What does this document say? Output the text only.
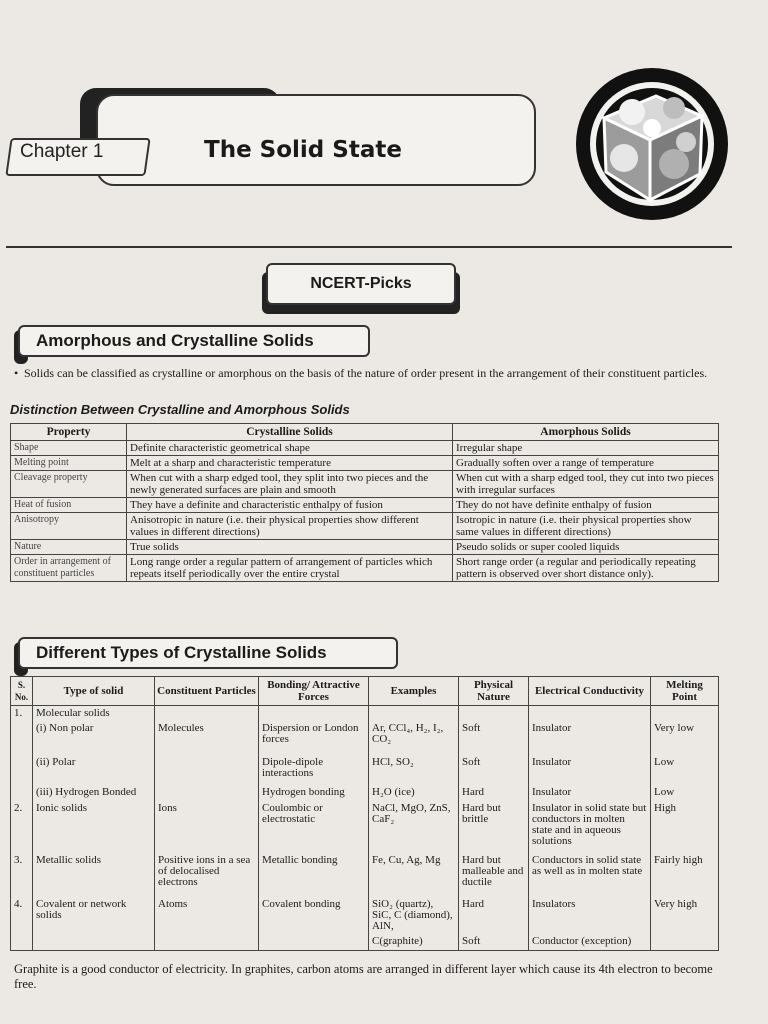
Chapter 1	The Solid State
NCERT-Picks
Amorphous and Crystalline Solids
• Solids can be classified as crystalline or amorphous on the basis of the nature of order present in the arrangement of their constituent particles.
Distinction Between Crystalline and Amorphous Solids
Property	Crystalline Solids	Amorphous Solids
Shape	Definite characteristic geometrical shape	Irregular shape
Melting point	Melt at a sharp and characteristic temperature	Gradually soften over a range of temperature
Cleavage property	When cut with a sharp edged tool, they split into two pieces and the newly generated surfaces are plain and smooth	When cut with a sharp edged tool, they cut into two pieces with irregular surfaces
Heat of fusion	They have a definite and characteristic enthalpy of fusion	They do not have definite enthalpy of fusion
Anisotropy	Anisotropic in nature (i.e. their physical properties show different values in different directions)	Isotropic in nature (i.e. their physical properties show same values in different directions)
Nature	True solids	Pseudo solids or super cooled liquids
Order in arrangement of constituent particles	Long range order a regular pattern of arrangement of particles which repeats itself periodically over the entire crystal	Short range order (a regular and periodically repeating pattern is observed over short distance only).
Different Types of Crystalline Solids
S. No.	Type of solid	Constituent Particles	Bonding/ Attractive Forces	Examples	Physical Nature	Electrical Conductivity	Melting Point
1.	Molecular solids						
	(i) Non polar	Molecules	Dispersion or London forces	Ar, CCl₄, H₂, I₂, CO₂	Soft	Insulator	Very low
	(ii) Polar		Dipole-dipole interactions	HCl, SO₂	Soft	Insulator	Low
	(iii) Hydrogen Bonded		Hydrogen bonding	H₂O (ice)	Hard	Insulator	Low
2.	Ionic solids	Ions	Coulombic or electrostatic	NaCl, MgO, ZnS, CaF₂	Hard but brittle	Insulator in solid state but conductors in molten state and in aqueous solutions	High
3.	Metallic solids	Positive ions in a sea of delocalised electrons	Metallic bonding	Fe, Cu, Ag, Mg	Hard but malleable and ductile	Conductors in solid state as well as in molten state	Fairly high
4.	Covalent or network solids	Atoms	Covalent bonding	SiO₂ (quartz), SiC, C (diamond), AlN,	Hard	Insulators	Very high
				C(graphite)	Soft	Conductor (exception)	
Graphite is a good conductor of electricity. In graphites, carbon atoms are arranged in different layer which cause its 4th electron to become free.
